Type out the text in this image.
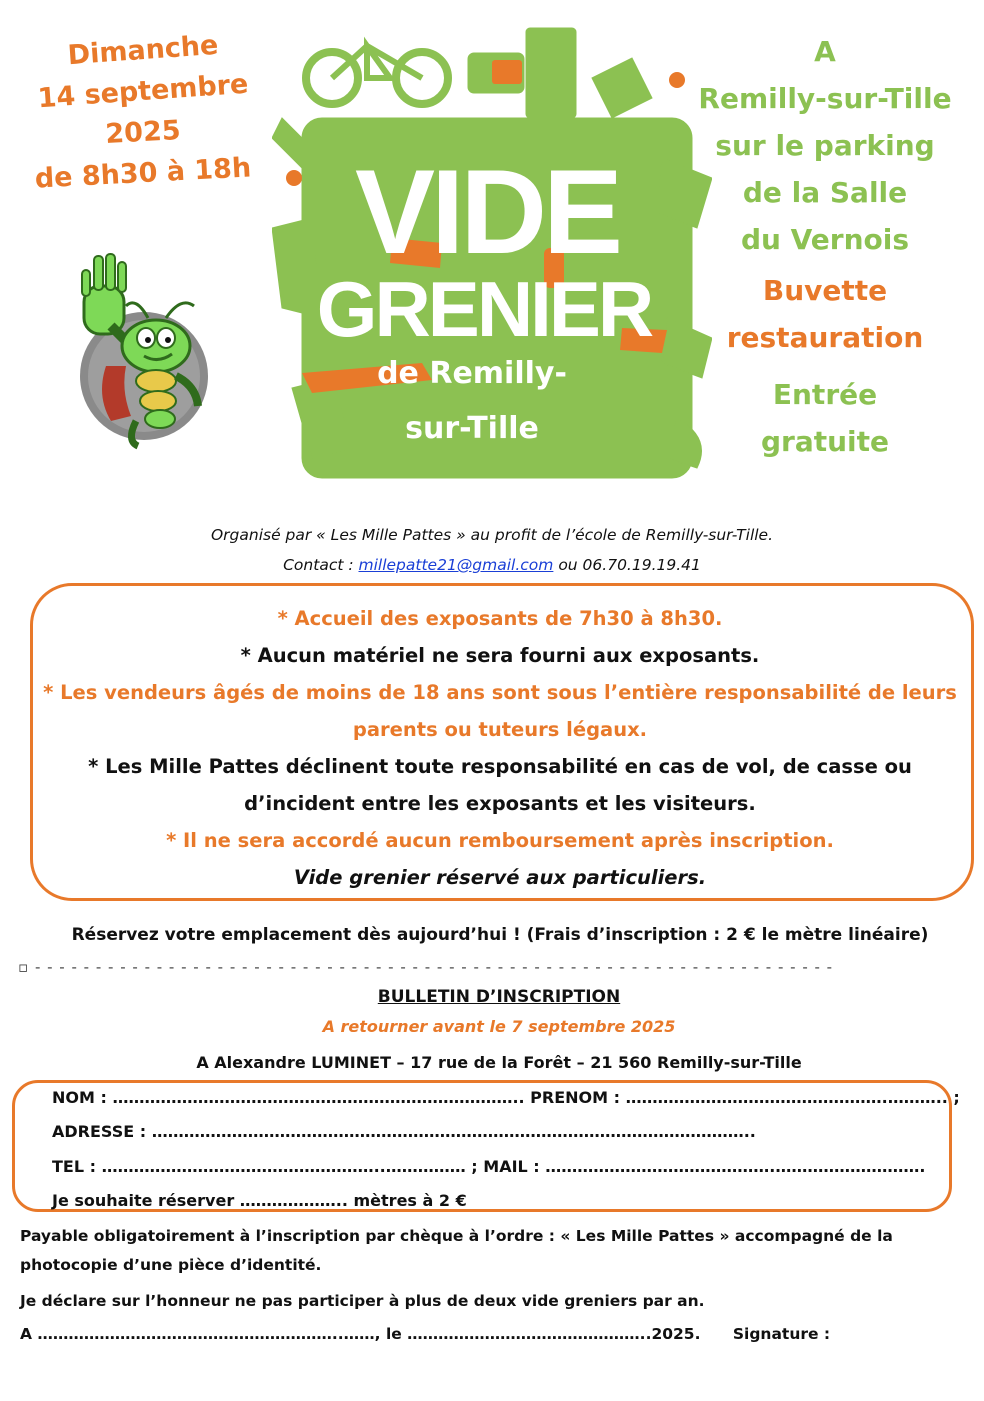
Dimanche
14 septembre
2025
de 8h30 à 18h VIDE
GRENIER
de Remilly-
sur-Tille
A
Remilly-sur-Tille
sur le parking
de la Salle
du Vernois
Buvette
restauration
Entrée
gratuite
Organisé par « Les Mille Pattes » au profit de l’école de Remilly-sur-Tille.
Contact : millepatte21@gmail.com ou 06.70.19.19.41
* Accueil des exposants de 7h30 à 8h30.
* Aucun matériel ne sera fourni aux exposants.
* Les vendeurs âgés de moins de 18 ans sont sous l’entière responsabilité de leurs
parents ou tuteurs légaux.
* Les Mille Pattes déclinent toute responsabilité en cas de vol, de casse ou
d’incident entre les exposants et les visiteurs.
* Il ne sera accordé aucun remboursement après inscription.
Vide grenier réservé aux particuliers.
Réservez votre emplacement dès aujourd’hui ! (Frais d’inscription : 2 € le mètre linéaire)
▫ - - - - - - - - - - - - - - - - - - - - - - - - - - - - - - - - - - - - - - - - - - - - - - - - - - - - - - - - - - - - - - - - - -
BULLETIN D’INSCRIPTION
A retourner avant le 7 septembre 2025
A Alexandre LUMINET – 17 rue de la Forêt – 21 560 Remilly-sur-Tille
NOM : ………………………………………………………………….. PRENOM : ………………………………………….……….. ;
ADRESSE : …………………………………………………………………………………………………..
TEL : ……………………………………………..…………… ; MAIL : …………………………………….……………………….
Je souhaite réserver ……………….. mètres à 2 €
Payable obligatoirement à l’inscription par chèque à l’ordre : « Les Mille Pattes » accompagné de la photocopie d’une pièce d’identité.
Je déclare sur l’honneur ne pas participer à plus de deux vide greniers par an.
A …………………………………………………..……, le ………………………………………..2025.      Signature :
